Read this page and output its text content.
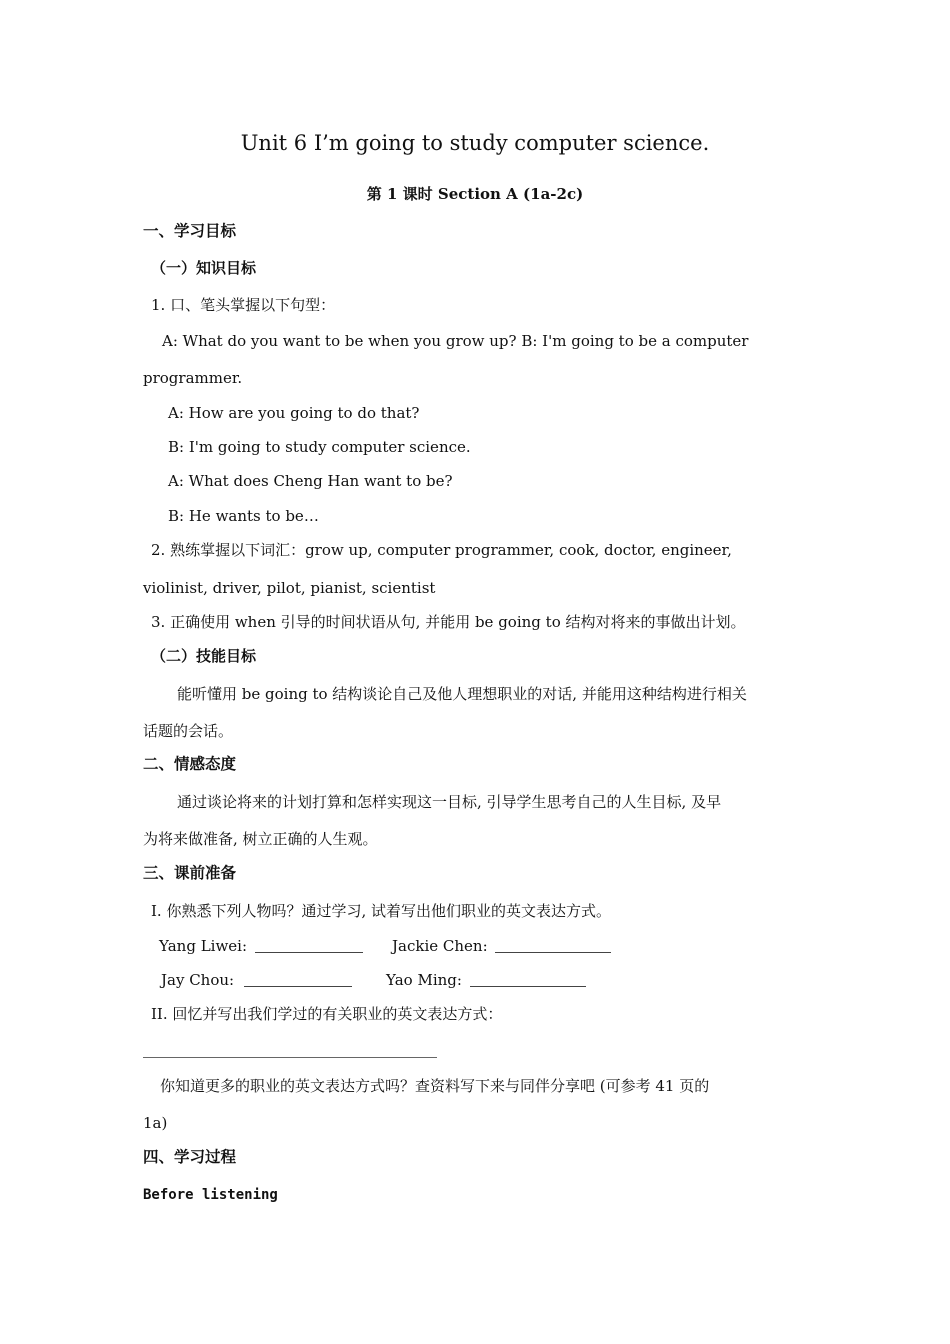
Unit 6 I’m going to study computer science.
第 1 课时 Section A (1a-2c)
一、学习目标
（一）知识目标
1. 口、笔头掌握以下句型：
A: What do you want to be when you grow up? B: I'm going to be a computer
programmer.
A: How are you going to do that?
B: I'm going to study computer science.
A: What does Cheng Han want to be?
B: He wants to be…
2. 熟练掌握以下词汇：grow up, computer programmer, cook, doctor, engineer,
violinist, driver, pilot, pianist, scientist
3. 正确使用 when 引导的时间状语从句, 并能用 be going to 结构对将来的事做出计划。
（二）技能目标
能听懂用 be going to 结构谈论自己及他人理想职业的对话, 并能用这种结构进行相关
话题的会话。
二、情感态度
通过谈论将来的计划打算和怎样实现这一目标, 引导学生思考自己的人生目标, 及早
为将来做准备, 树立正确的人生观。
三、课前准备
I. 你熟悉下列人物吗？通过学习, 试着写出他们职业的英文表达方式。
Yang Liwei:	Jackie Chen:
Jay Chou:	Yao Ming:
II. 回忆并写出我们学过的有关职业的英文表达方式：
你知道更多的职业的英文表达方式吗？查资料写下来与同伴分享吧 (可参考 41 页的
1a)
四、学习过程
Before listening
